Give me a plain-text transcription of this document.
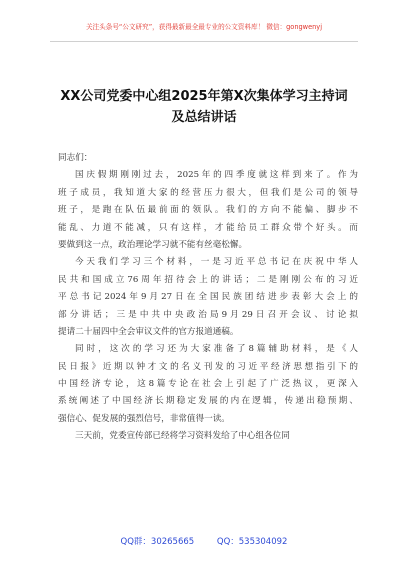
关注头条号“公文研究”，获得最新最全最专业的公文资料库！ 微信：gongwenyj
XX公司党委中心组2025年第X次集体学习主持词
及总结讲话
同志们：
国庆假期刚刚过去，2025年的四季度就这样到来了。作为
班子成员，我知道大家的经营压力很大，但我们是公司的领导
班子，是跑在队伍最前面的领队。我们的方向不能偏、脚步不
能乱、力道不能减，只有这样，才能给员工群众带个好头。而
要做到这一点，政治理论学习就不能有丝毫松懈。
今天我们学习三个材料，一是习近平总书记在庆祝中华人
民共和国成立76周年招待会上的讲话；二是刚刚公布的习近
平总书记2024年9月27日在全国民族团结进步表彰大会上的
部分讲话；三是中共中央政治局9月29日召开会议、讨论拟
提请二十届四中全会审议文件的官方报道通稿。
同时，这次的学习还为大家准备了8篇辅助材料，是《人
民日报》近期以钟才文的名义刊发的习近平经济思想指引下的
中国经济专论，这8篇专论在社会上引起了广泛热议，更深入
系统阐述了中国经济长期稳定发展的内在逻辑，传递出稳预期、
强信心、促发展的强烈信号，非常值得一读。
三天前，党委宣传部已经将学习资料发给了中心组各位同
QQ群：30265665	QQ：535304092
